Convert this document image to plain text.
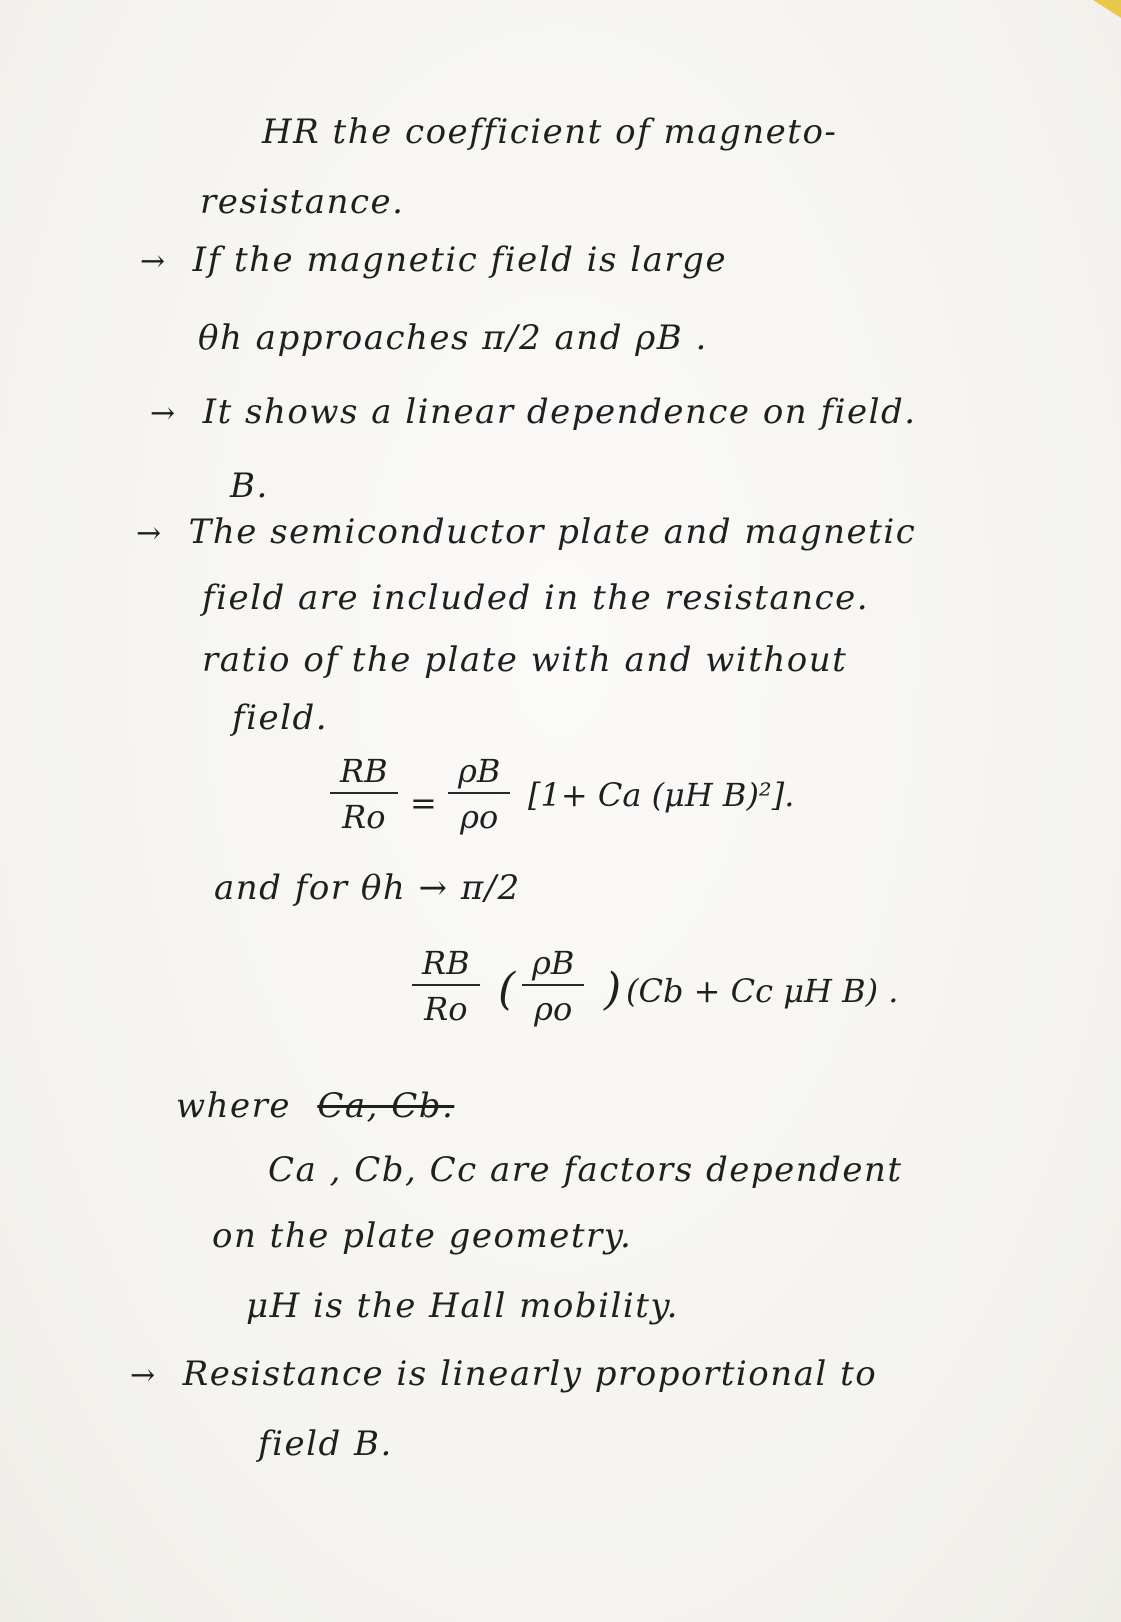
HR the coefficient of magneto-
resistance.
→ If the magnetic field is large
θh approaches π/2 and ρB .
→ It shows a linear dependence on field.
B.
→ The semiconductor plate and magnetic
field are included in the resistance.
ratio of the plate with and without
field.
$\frac{RB}{Ro} = \frac{\rho B}{\rho o} [1+ Ca$ (μH B)²].
and for θh → π/2
$\frac{RB}{Ro}$ ( $\frac{\rho B}{\rho o}$ ) (Cb + Cc μH B) .
where Ca, Cb.
Ca , Cb, Cc are factors dependent
on the plate geometry.
μH is the Hall mobility.
→ Resistance is linearly proportional to
field B.
